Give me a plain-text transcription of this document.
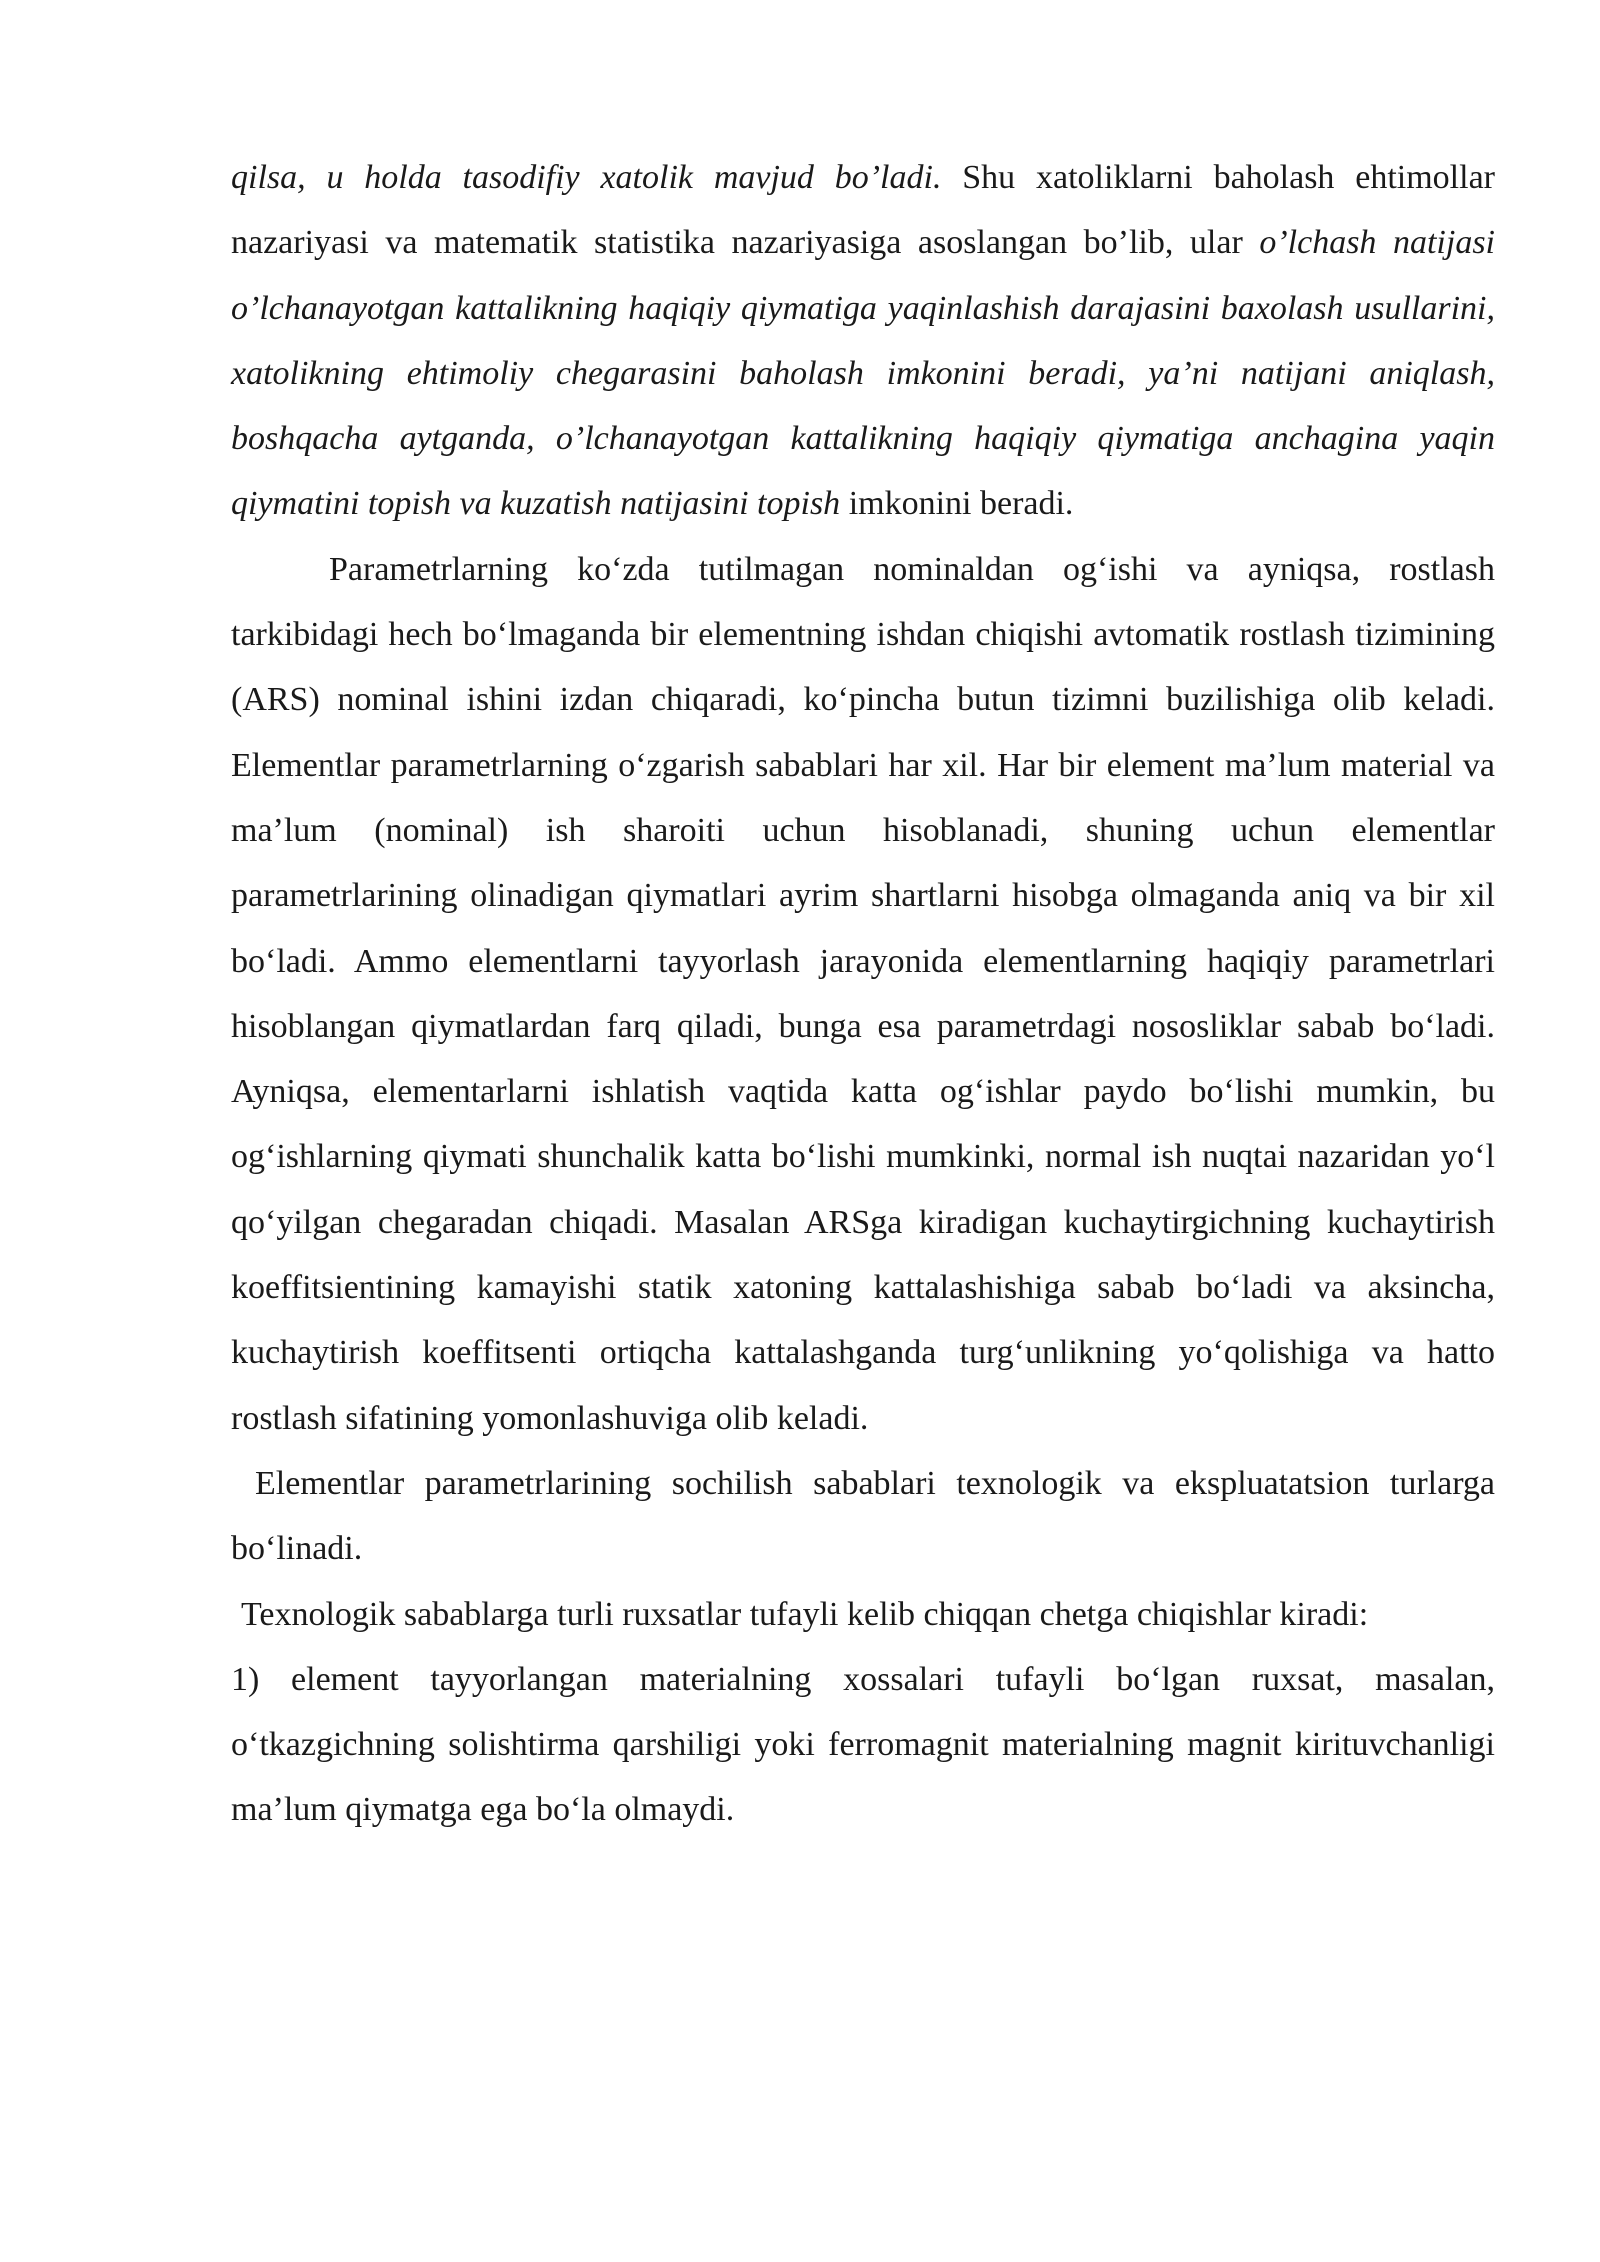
qilsa, u holda tasodifiy xatolik mavjud bo’ladi. Shu xatoliklarni baholash ehtimollar nazariyasi va matematik statistika nazariyasiga asoslangan bo’lib, ular o’lchash natijasi o’lchanayotgan kattalikning haqiqiy qiymatiga yaqinlashish darajasini baxolash usullarini, xatolikning ehtimoliy chegarasini baholash imkonini beradi, ya’ni natijani aniqlash, boshqacha aytganda, o’lchanayotgan kattalikning haqiqiy qiymatiga anchagina yaqin qiymatini topish va kuzatish natijasini topish imkonini beradi.

Parametrlarning ko‘zda tutilmagan nominaldan og‘ishi va ayniqsa, rostlash tarkibidagi hech bo‘lmaganda bir elementning ishdan chiqishi avtomatik rostlash tizimining (ARS) nominal ishini izdan chiqaradi, ko‘pincha butun tizimni buzilishiga olib keladi. Elementlar parametrlarning o‘zgarish sabablari har xil. Har bir element ma’lum material va ma’lum (nominal) ish sharoiti uchun hisoblanadi, shuning uchun elementlar parametrlarining olinadigan qiymatlari ayrim shartlarni hisobga olmaganda aniq va bir xil bo‘ladi. Ammo elementlarni tayyorlash jarayonida elementlarning haqiqiy parametrlari hisoblangan qiymatlardan farq qiladi, bunga esa parametrdagi nososliklar sabab bo‘ladi. Ayniqsa, elementarlarni ishlatish vaqtida katta og‘ishlar paydo bo‘lishi mumkin, bu og‘ishlarning qiymati shunchalik katta bo‘lishi mumkinki, normal ish nuqtai nazaridan yo‘l qo‘yilgan chegaradan chiqadi. Masalan ARSga kiradigan kuchaytirgichning kuchaytirish koeffitsientining kamayishi statik xatoning kattalashishiga sabab bo‘ladi va aksincha, kuchaytirish koeffitsenti ortiqcha kattalashganda turg‘unlikning yo‘qolishiga va hatto rostlash sifatining yomonlashuviga olib keladi.

Elementlar parametrlarining sochilish sabablari texnologik va ekspluatatsion turlarga bo‘linadi.

Texnologik sabablarga turli ruxsatlar tufayli kelib chiqqan chetga chiqishlar kiradi:

1) element tayyorlangan materialning xossalari tufayli bo‘lgan ruxsat, masalan, o‘tkazgichning solishtirma qarshiligi yoki ferromagnit materialning magnit kirituvchanligi ma’lum qiymatga ega bo‘la olmaydi.
